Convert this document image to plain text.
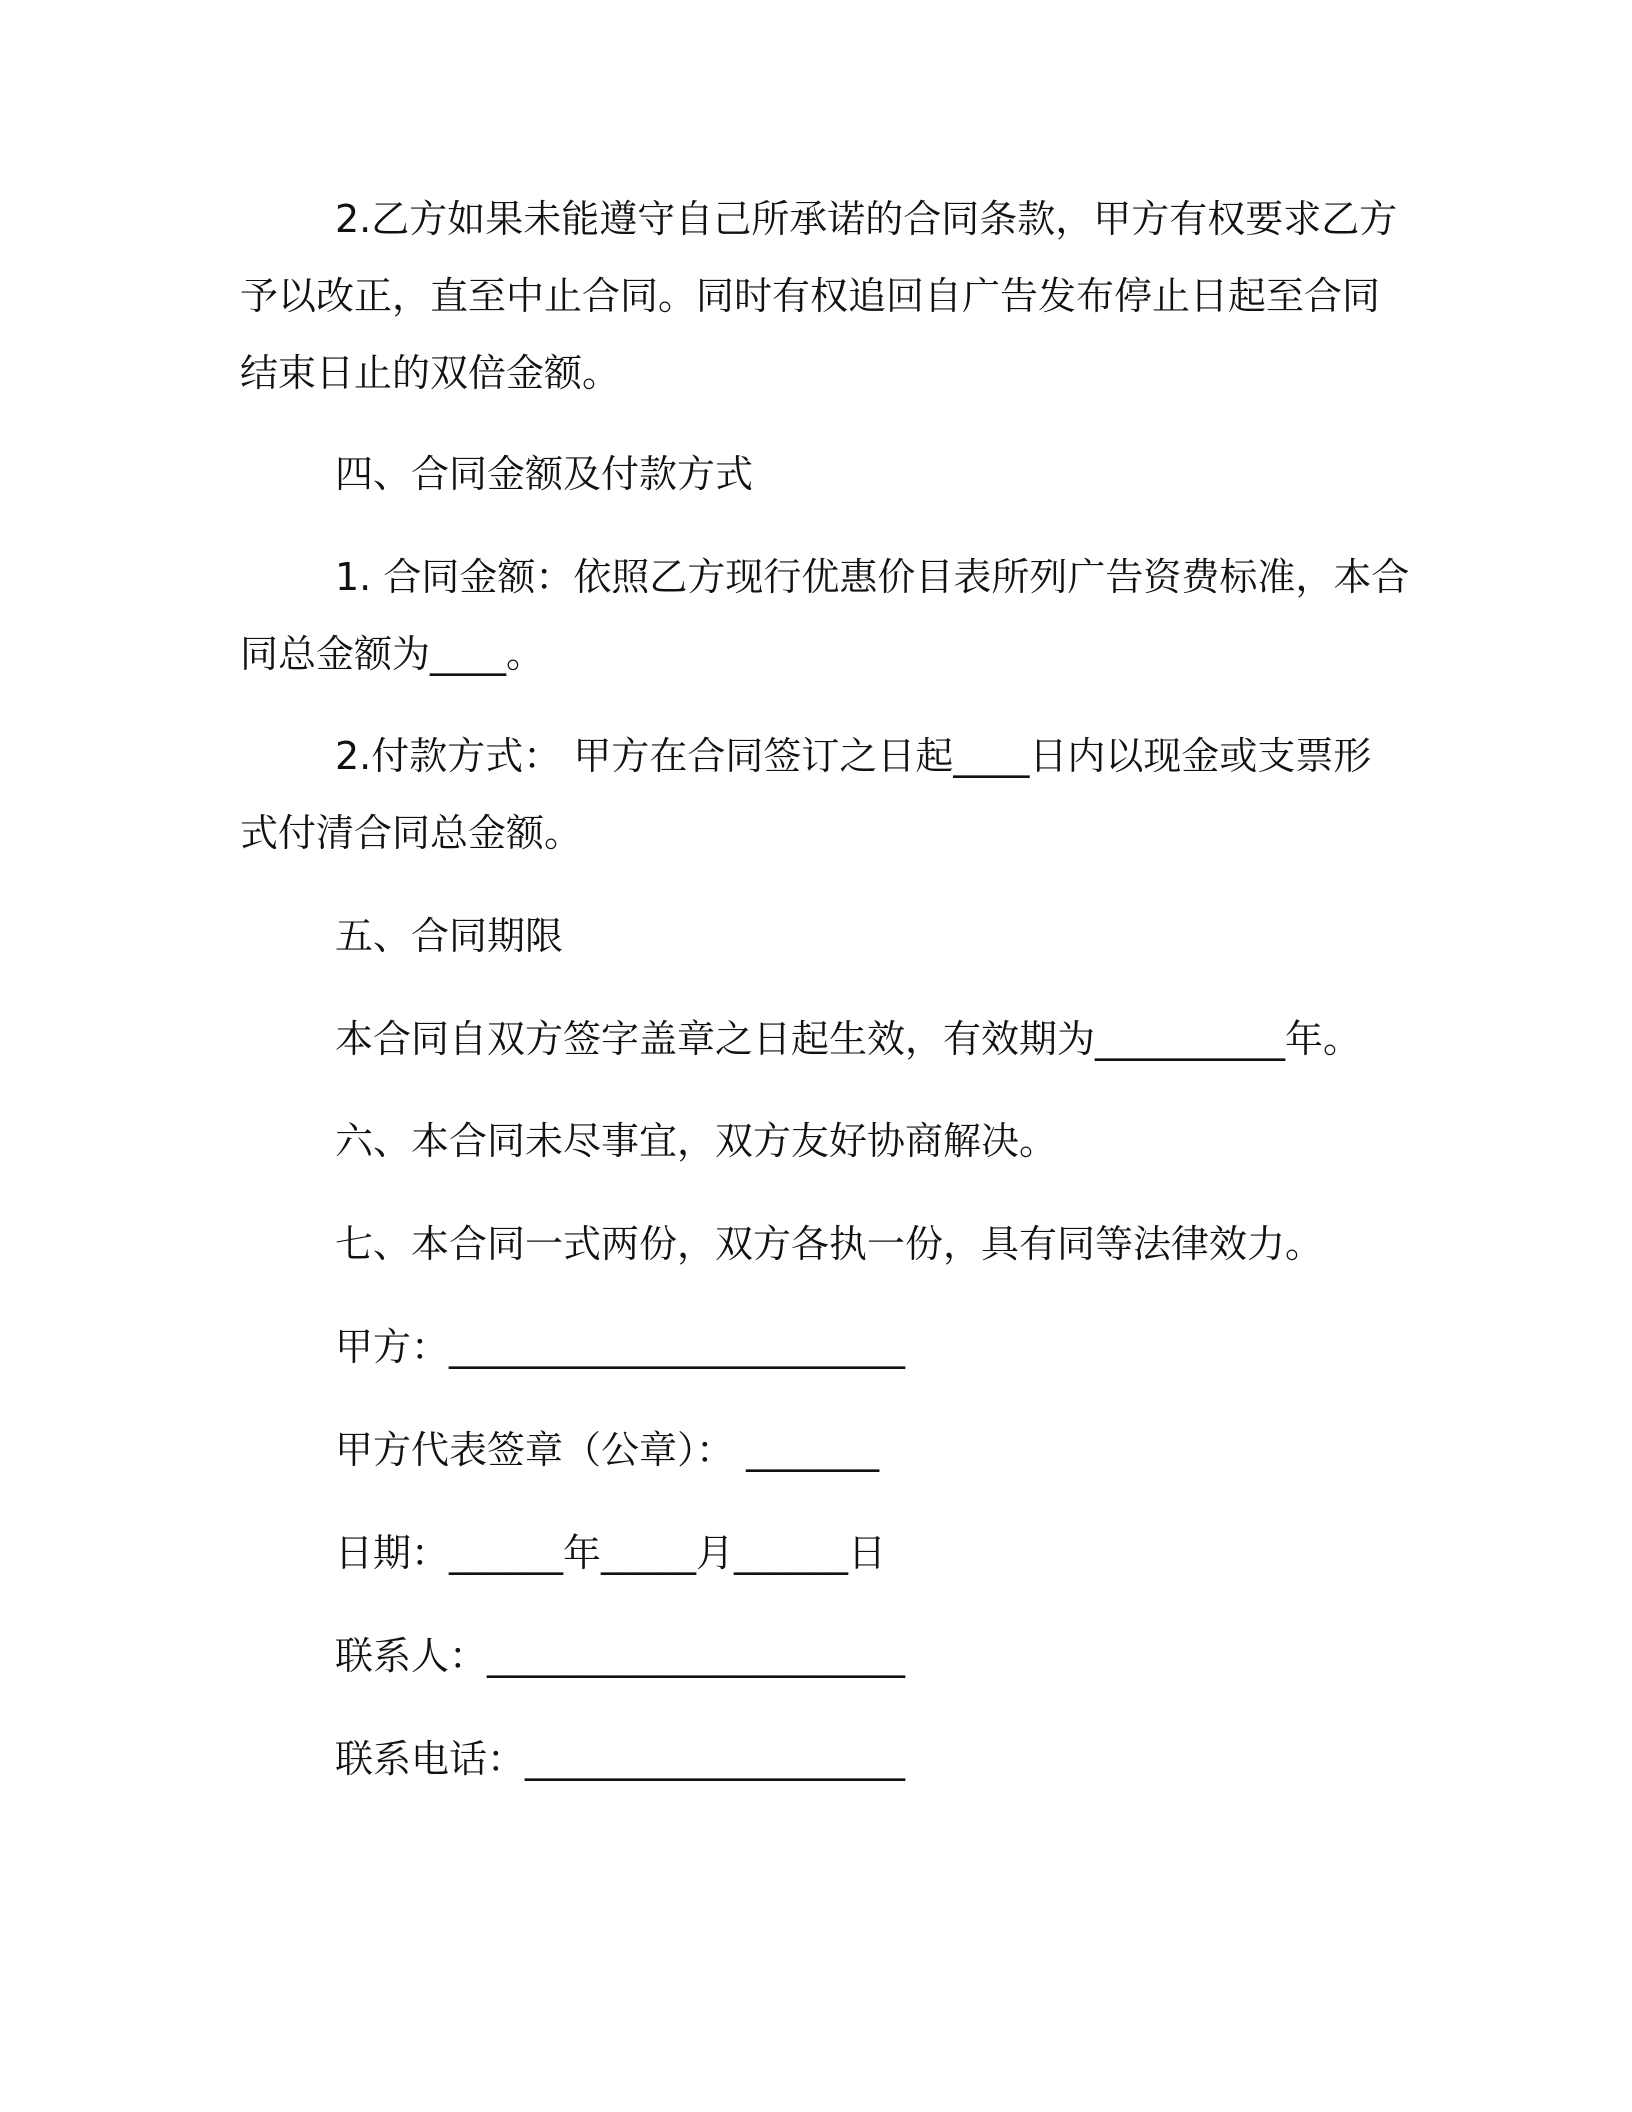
2.乙方如果未能遵守自己所承诺的合同条款，甲方有权要求乙方
予以改正，直至中止合同。同时有权追回自广告发布停止日起至合同
结束日止的双倍金额。
四、合同金额及付款方式
1. 合同金额：依照乙方现行优惠价目表所列广告资费标准，本合
同总金额为____。
2.付款方式： 甲方在合同签订之日起____日内以现金或支票形
式付清合同总金额。
五、合同期限
本合同自双方签字盖章之日起生效，有效期为__________年。
六、本合同未尽事宜，双方友好协商解决。
七、本合同一式两份，双方各执一份，具有同等法律效力。
甲方：________________________
甲方代表签章（公章）： _______
日期：______年_____月______日
联系人：______________________
联系电话：____________________
